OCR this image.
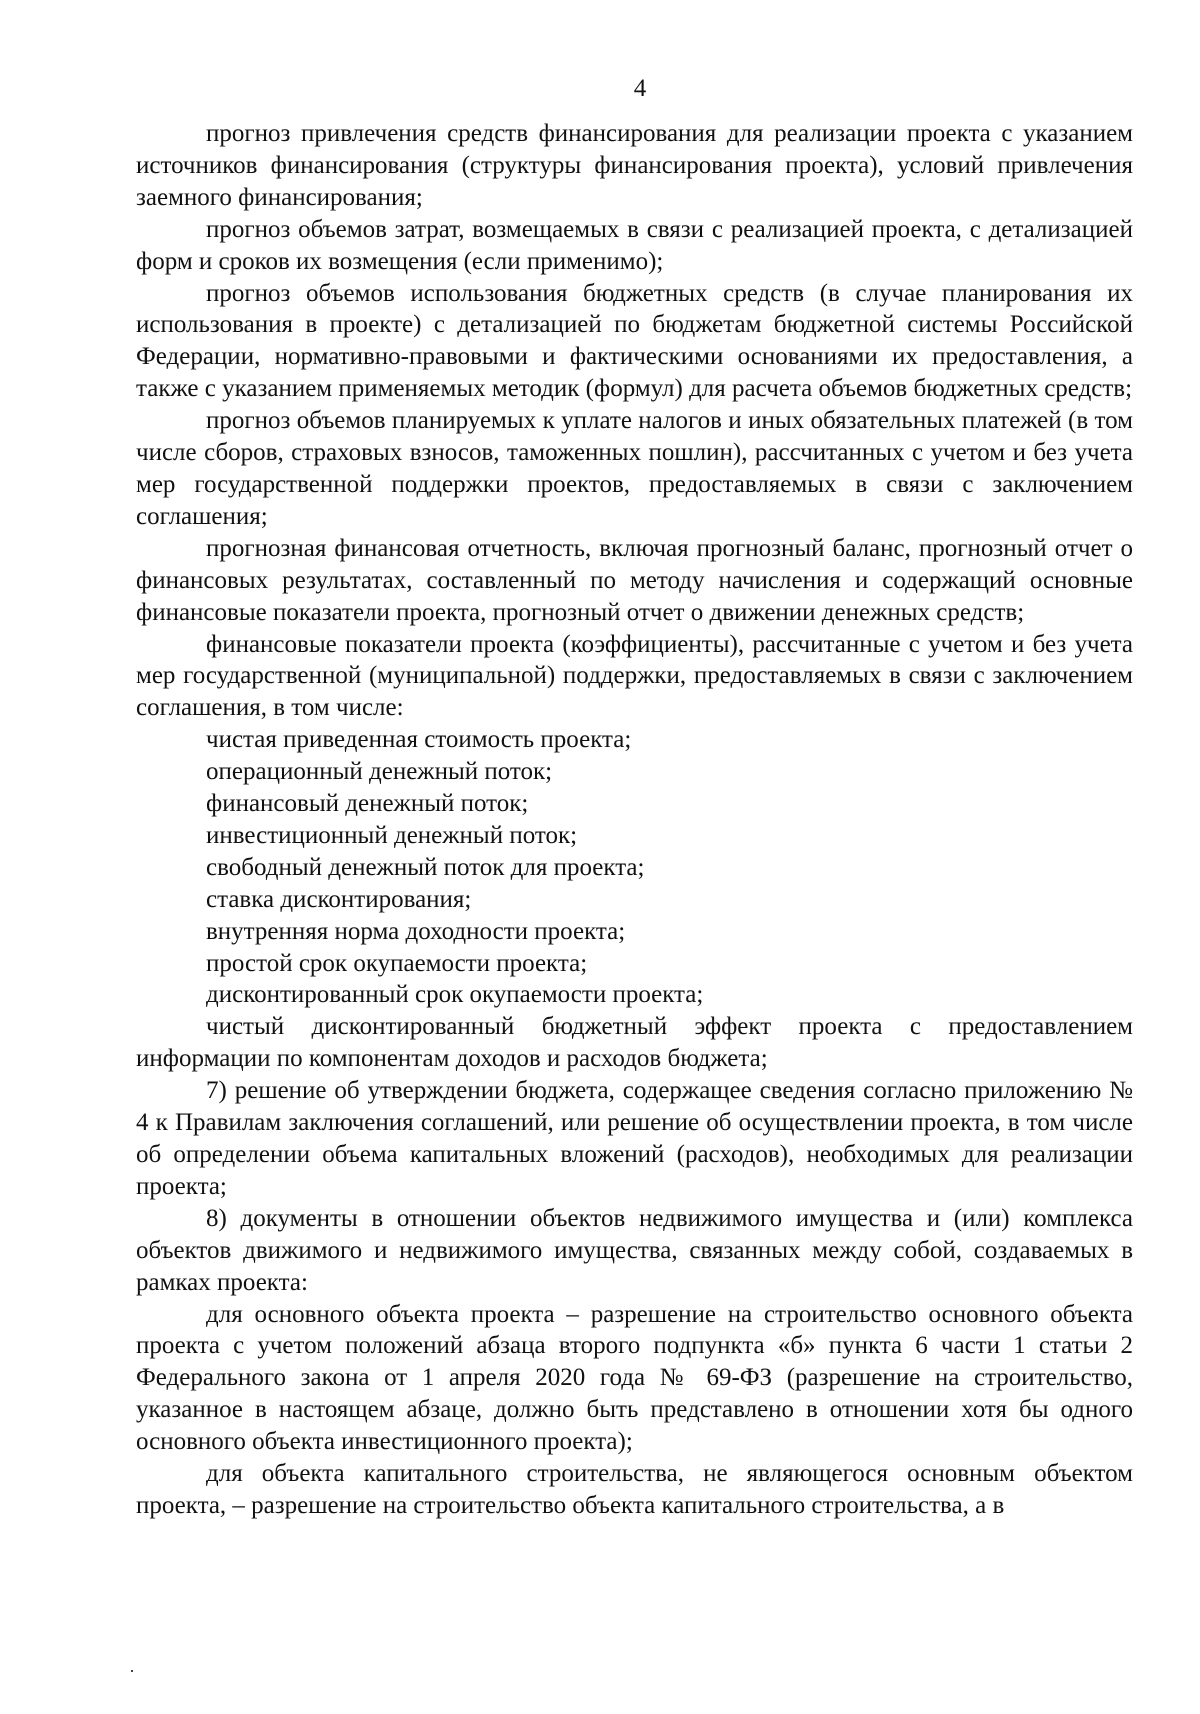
4

прогноз привлечения средств финансирования для реализации проекта с указанием источников финансирования (структуры финансирования проекта), условий привлечения заемного финансирования;

прогноз объемов затрат, возмещаемых в связи с реализацией проекта, с детализацией форм и сроков их возмещения (если применимо);

прогноз объемов использования бюджетных средств (в случае планирования их использования в проекте) с детализацией по бюджетам бюджетной системы Российской Федерации, нормативно-правовыми и фактическими основаниями их предоставления, а также с указанием применяемых методик (формул) для расчета объемов бюджетных средств;

прогноз объемов планируемых к уплате налогов и иных обязательных платежей (в том числе сборов, страховых взносов, таможенных пошлин), рассчитанных с учетом и без учета мер государственной поддержки проектов, предоставляемых в связи с заключением соглашения;

прогнозная финансовая отчетность, включая прогнозный баланс, прогнозный отчет о финансовых результатах, составленный по методу начисления и содержащий основные финансовые показатели проекта, прогнозный отчет о движении денежных средств;

финансовые показатели проекта (коэффициенты), рассчитанные с учетом и без учета мер государственной (муниципальной) поддержки, предоставляемых в связи с заключением соглашения, в том числе:

чистая приведенная стоимость проекта;

операционный денежный поток;

финансовый денежный поток;

инвестиционный денежный поток;

свободный денежный поток для проекта;

ставка дисконтирования;

внутренняя норма доходности проекта;

простой срок окупаемости проекта;

дисконтированный срок окупаемости проекта;

чистый дисконтированный бюджетный эффект проекта с предоставлением информации по компонентам доходов и расходов бюджета;

7) решение об утверждении бюджета, содержащее сведения согласно приложению № 4 к Правилам заключения соглашений, или решение об осуществлении проекта, в том числе об определении объема капитальных вложений (расходов), необходимых для реализации проекта;

8) документы в отношении объектов недвижимого имущества и (или) комплекса объектов движимого и недвижимого имущества, связанных между собой, создаваемых в рамках проекта:

для основного объекта проекта – разрешение на строительство основного объекта проекта с учетом положений абзаца второго подпункта «б» пункта 6 части 1 статьи 2 Федерального закона от 1 апреля 2020 года № 69-ФЗ (разрешение на строительство, указанное в настоящем абзаце, должно быть представлено в отношении хотя бы одного основного объекта инвестиционного проекта);

для объекта капитального строительства, не являющегося основным объектом проекта, – разрешение на строительство объекта капитального строительства, а в
